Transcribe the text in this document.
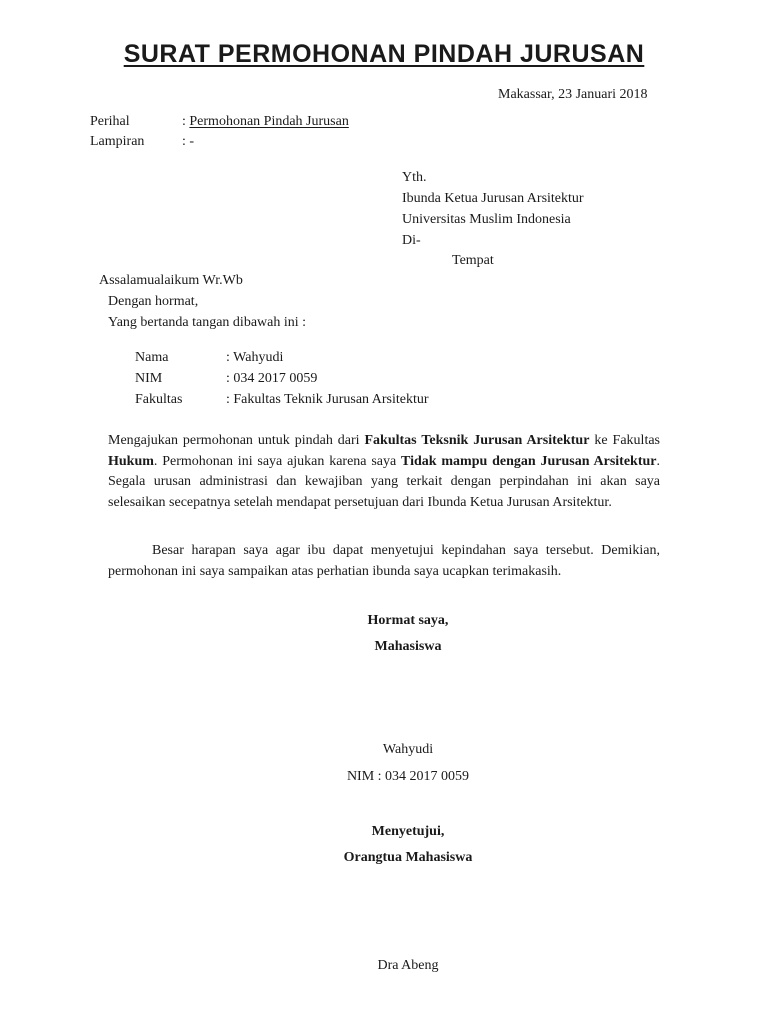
SURAT PERMOHONAN PINDAH JURUSAN
Makassar, 23 Januari 2018
Perihal	: Permohonan Pindah Jurusan
Lampiran	: -
Yth.
Ibunda Ketua Jurusan Arsitektur
Universitas Muslim Indonesia
Di-
Tempat
Assalamualaikum Wr.Wb
Dengan hormat,
Yang bertanda tangan dibawah ini :
Nama	: Wahyudi
NIM	: 034 2017 0059
Fakultas	: Fakultas Teknik Jurusan Arsitektur
Mengajukan permohonan untuk pindah dari Fakultas Teksnik Jurusan Arsitektur ke Fakultas Hukum. Permohonan ini saya ajukan karena saya Tidak mampu dengan Jurusan Arsitektur. Segala urusan administrasi dan kewajiban yang terkait dengan perpindahan ini akan saya selesaikan secepatnya setelah mendapat persetujuan dari Ibunda Ketua Jurusan Arsitektur.
Besar harapan saya agar ibu dapat menyetujui kepindahan saya tersebut. Demikian, permohonan ini saya sampaikan atas perhatian ibunda saya ucapkan terimakasih.
Hormat saya,
Mahasiswa
Wahyudi
NIM : 034 2017 0059
Menyetujui,
Orangtua Mahasiswa
Dra Abeng
